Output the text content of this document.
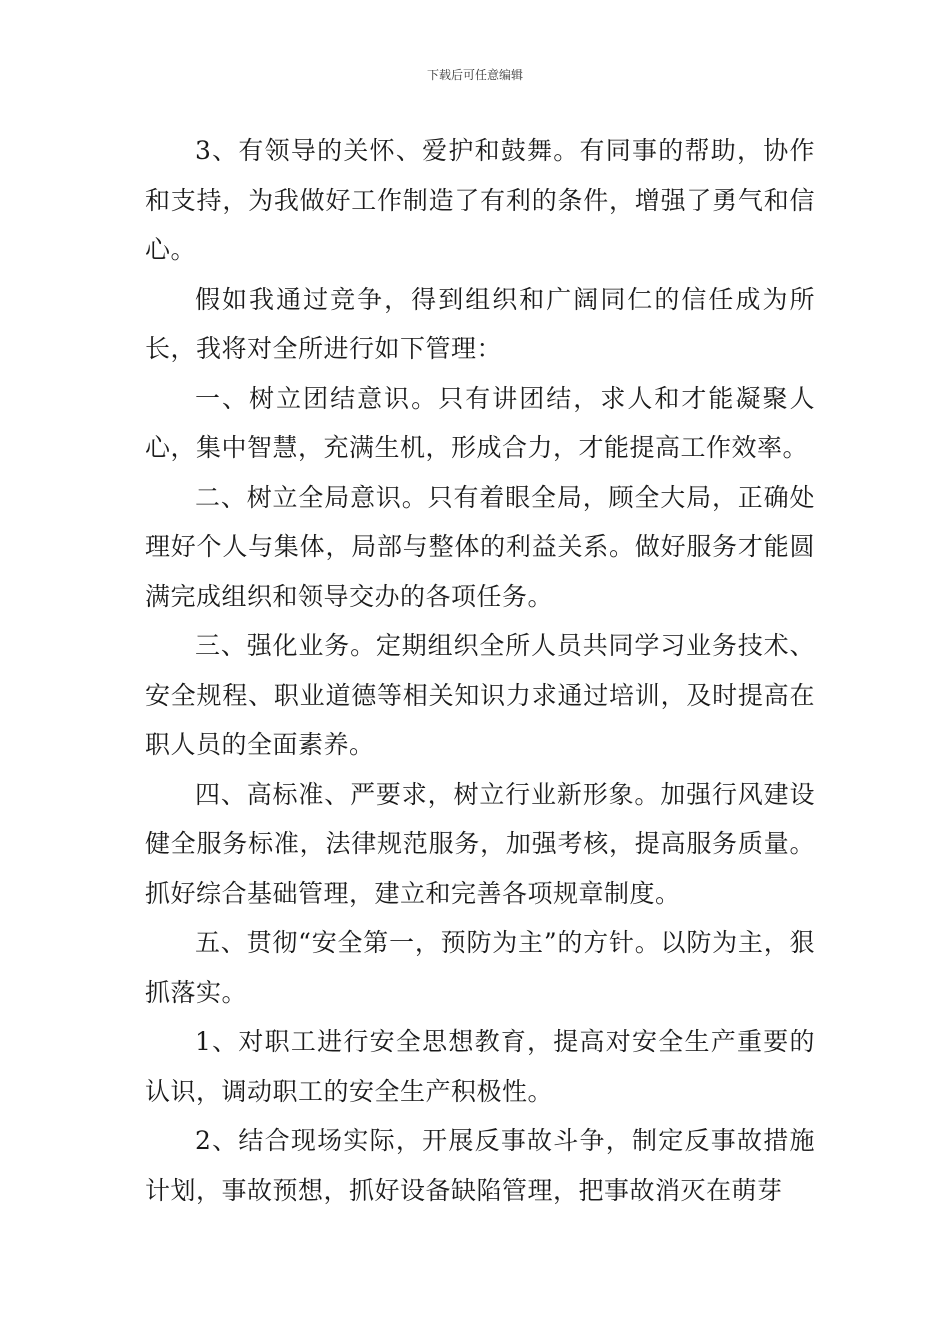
下载后可任意编辑

3、有领导的关怀、爱护和鼓舞。有同事的帮助，协作和支持，为我做好工作制造了有利的条件，增强了勇气和信心。

假如我通过竞争，得到组织和广阔同仁的信任成为所长，我将对全所进行如下管理：

一、树立团结意识。只有讲团结，求人和才能凝聚人心，集中智慧，充满生机，形成合力，才能提高工作效率。

二、树立全局意识。只有着眼全局，顾全大局，正确处理好个人与集体，局部与整体的利益关系。做好服务才能圆满完成组织和领导交办的各项任务。

三、强化业务。定期组织全所人员共同学习业务技术、安全规程、职业道德等相关知识力求通过培训，及时提高在职人员的全面素养。

四、高标准、严要求，树立行业新形象。加强行风建设健全服务标准，法律规范服务，加强考核，提高服务质量。抓好综合基础管理，建立和完善各项规章制度。

五、贯彻“安全第一，预防为主”的方针。以防为主，狠抓落实。

1、对职工进行安全思想教育，提高对安全生产重要的认识，调动职工的安全生产积极性。

2、结合现场实际，开展反事故斗争，制定反事故措施计划，事故预想，抓好设备缺陷管理，把事故消灭在萌芽
